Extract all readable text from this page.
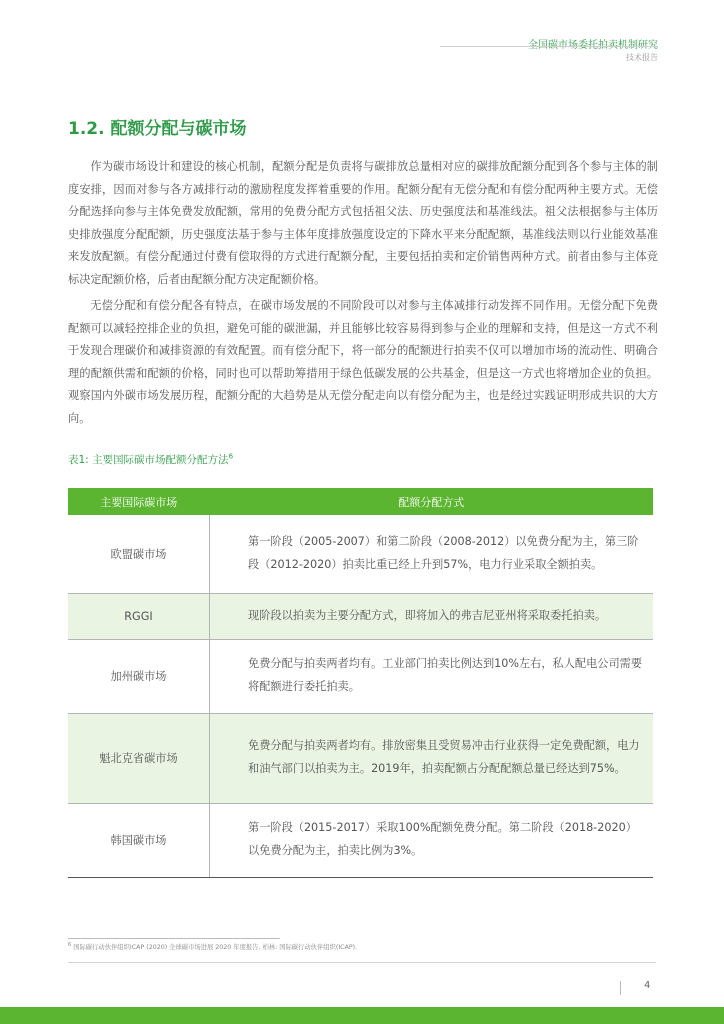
技术报告
1.2. 配额分配与碳市场

作为碳市场设计和建设的核心机制，配额分配是负责将与碳排放总量相对应的碳排放配额分配到各个参与主体的制度安排，因而对参与各方减排行动的激励程度发挥着重要的作用。配额分配有无偿分配和有偿分配两种主要方式。无偿分配选择向参与主体免费发放配额，常用的免费分配方式包括祖父法、历史强度法和基准线法。祖父法根据参与主体历史排放强度分配配额，历史强度法基于参与主体年度排放强度设定的下降水平来分配配额，基准线法则以行业能效基准来发放配额。有偿分配通过付费有偿取得的方式进行配额分配，主要包括拍卖和定价销售两种方式。前者由参与主体竞标决定配额价格，后者由配额分配方决定配额价格。

无偿分配和有偿分配各有特点，在碳市场发展的不同阶段可以对参与主体减排行动发挥不同作用。无偿分配下免费配额可以减轻控排企业的负担，避免可能的碳泄漏，并且能够比较容易得到参与企业的理解和支持，但是这一方式不利于发现合理碳价和减排资源的有效配置。而有偿分配下，将一部分的配额进行拍卖不仅可以增加市场的流动性、明确合理的配额供需和配额的价格，同时也可以帮助筹措用于绿色低碳发展的公共基金，但是这一方式也将增加企业的负担。观察国内外碳市场发展历程，配额分配的大趋势是从无偿分配走向以有偿分配为主，也是经过实践证明形成共识的大方向。

表1: 主要国际碳市场配额分配方法$^6$
主要国际碳市场	配额分配方式
欧盟碳市场	第一阶段（2005-2007）和第二阶段（2008-2012）以免费分配为主，第三阶段（2012-2020）拍卖比重已经上升到57%，电力行业采取全额拍卖。
RGGI	现阶段以拍卖为主要分配方式，即将加入的弗吉尼亚州将采取委托拍卖。
加州碳市场	免费分配与拍卖两者均有。工业部门拍卖比例达到10%左右，私人配电公司需要将配额进行委托拍卖。
魁北克省碳市场	免费分配与拍卖两者均有。排放密集且受贸易冲击行业获得一定免费配额，电力和油气部门以拍卖为主。2019年，拍卖配额占分配配额总量已经达到75%。
韩国碳市场	第一阶段（2015-2017）采取100%配额免费分配。第二阶段（2018-2020）以免费分配为主，拍卖比例为3%。
$^6$ 国际碳行动伙伴组织ICAP (2020) 全球碳市场进展 2020 年度报告. 柏林: 国际碳行动伙伴组织(ICAP).
4
